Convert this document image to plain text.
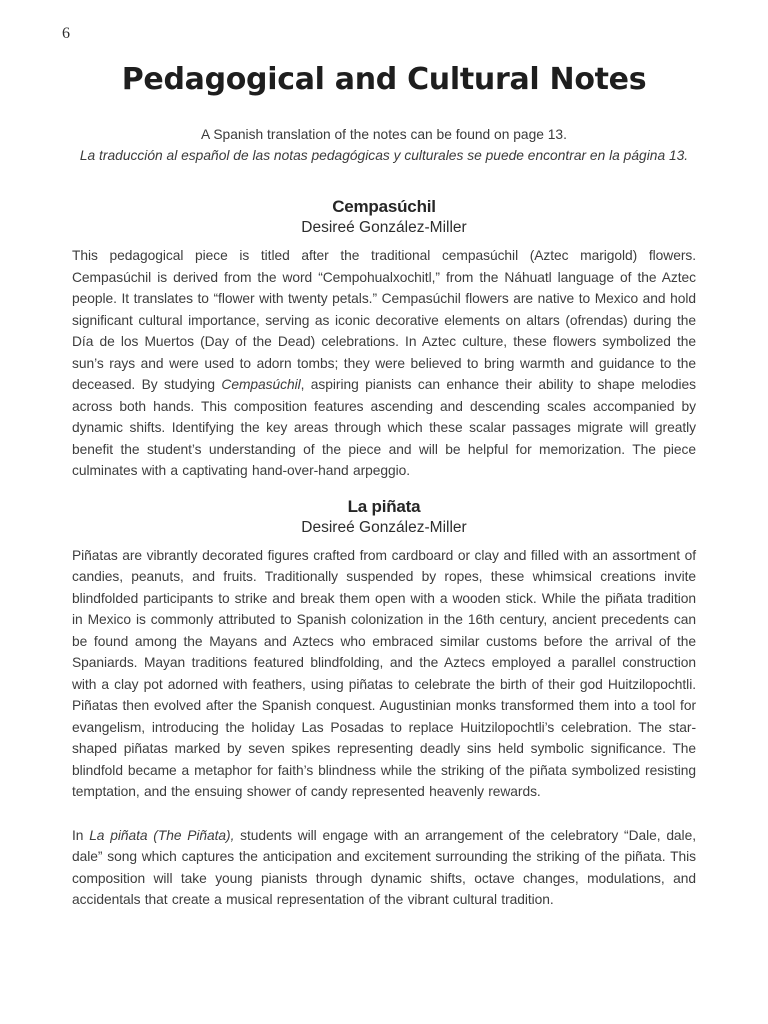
6
Pedagogical and Cultural Notes
A Spanish translation of the notes can be found on page 13.
La traducción al español de las notas pedagógicas y culturales se puede encontrar en la página 13.
Cempasúchil
Desireé González-Miller

This pedagogical piece is titled after the traditional cempasúchil (Aztec marigold) flowers. Cempasúchil is derived from the word “Cempohualxochitl,” from the Náhuatl language of the Aztec people. It translates to “flower with twenty petals.” Cempasúchil flowers are native to Mexico and hold significant cultural importance, serving as iconic decorative elements on altars (ofrendas) during the Día de los Muertos (Day of the Dead) celebrations. In Aztec culture, these flowers symbolized the sun’s rays and were used to adorn tombs; they were believed to bring warmth and guidance to the deceased. By studying Cempasúchil, aspiring pianists can enhance their ability to shape melodies across both hands. This composition features ascending and descending scales accompanied by dynamic shifts. Identifying the key areas through which these scalar passages migrate will greatly benefit the student’s understanding of the piece and will be helpful for memorization. The piece culminates with a captivating hand-over-hand arpeggio.

La piñata
Desireé González-Miller

Piñatas are vibrantly decorated figures crafted from cardboard or clay and filled with an assortment of candies, peanuts, and fruits. Traditionally suspended by ropes, these whimsical creations invite blindfolded participants to strike and break them open with a wooden stick. While the piñata tradition in Mexico is commonly attributed to Spanish colonization in the 16th century, ancient precedents can be found among the Mayans and Aztecs who embraced similar customs before the arrival of the Spaniards. Mayan traditions featured blindfolding, and the Aztecs employed a parallel construction with a clay pot adorned with feathers, using piñatas to celebrate the birth of their god Huitzilopochtli. Piñatas then evolved after the Spanish conquest. Augustinian monks transformed them into a tool for evangelism, introducing the holiday Las Posadas to replace Huitzilopochtli’s celebration. The star-shaped piñatas marked by seven spikes representing deadly sins held symbolic significance. The blindfold became a metaphor for faith’s blindness while the striking of the piñata symbolized resisting temptation, and the ensuing shower of candy represented heavenly rewards.

In La piñata (The Piñata), students will engage with an arrangement of the celebratory “Dale, dale, dale” song which captures the anticipation and excitement surrounding the striking of the piñata. This composition will take young pianists through dynamic shifts, octave changes, modulations, and accidentals that create a musical representation of the vibrant cultural tradition.
